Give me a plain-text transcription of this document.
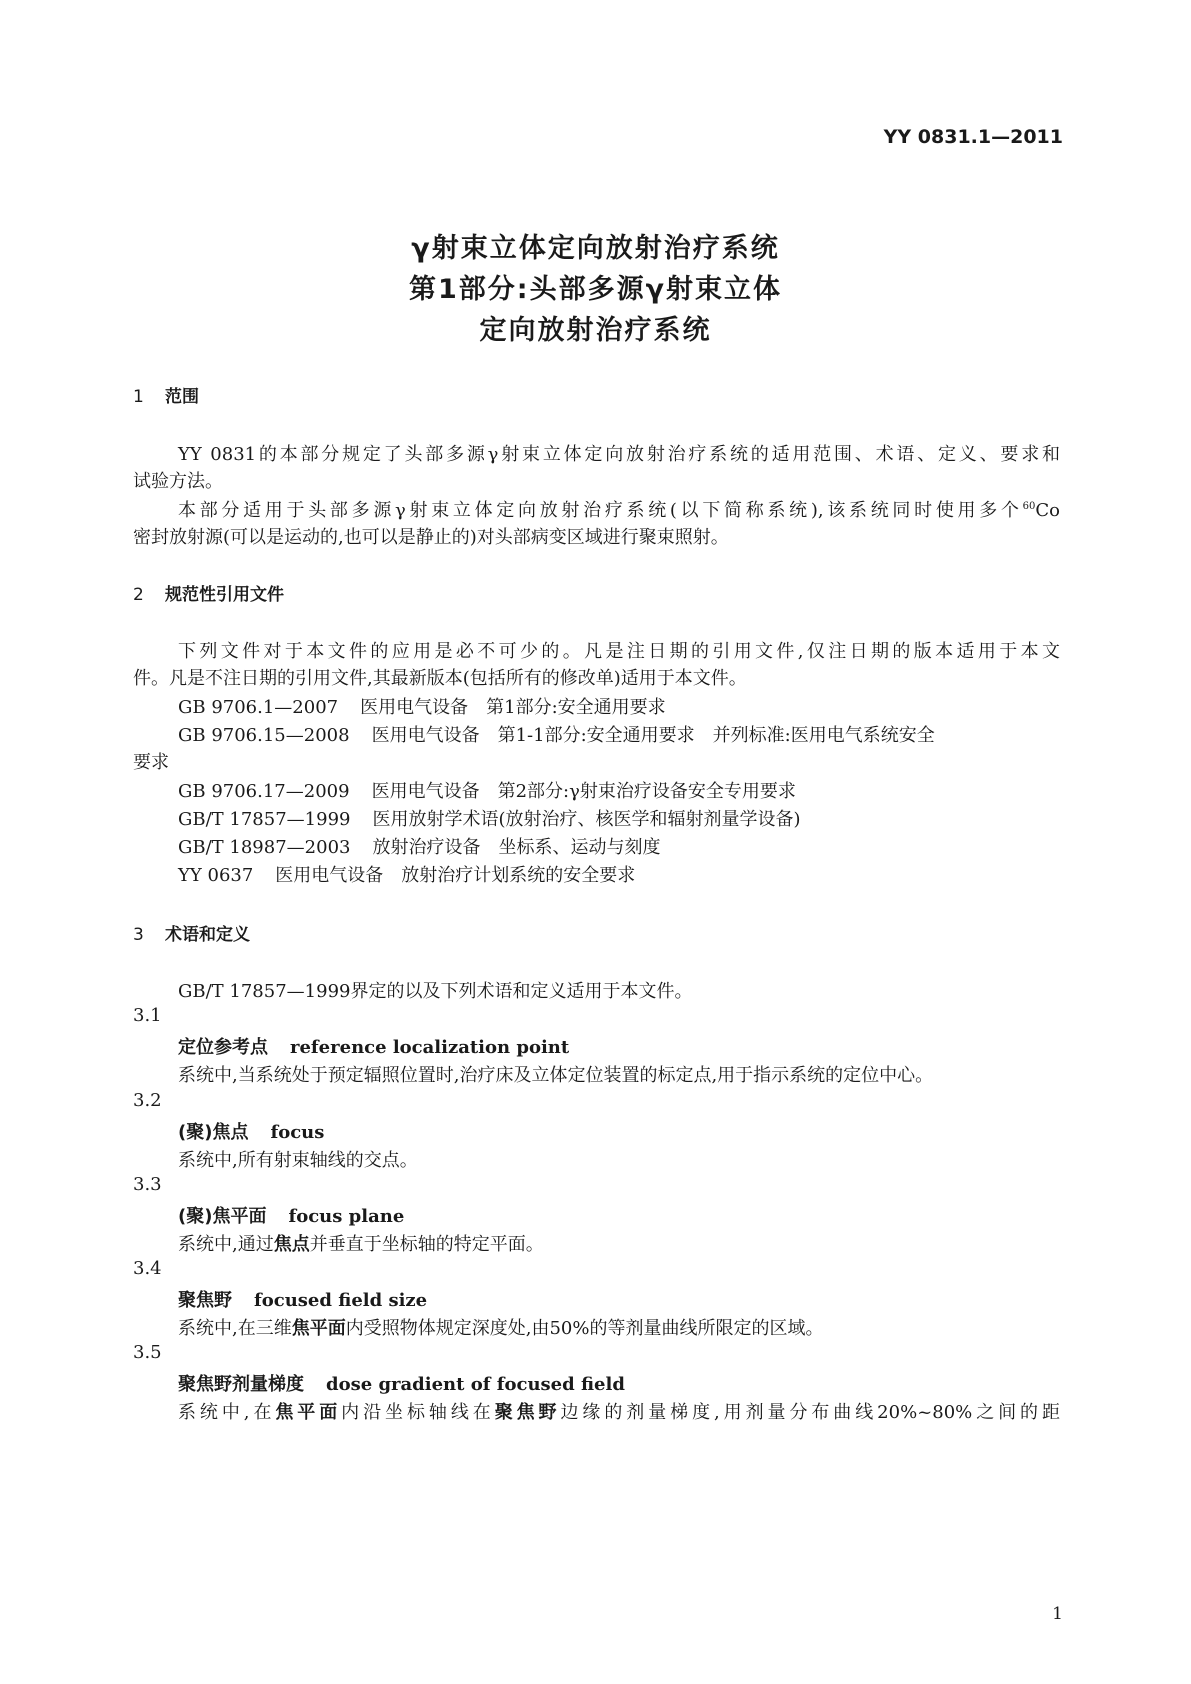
YY 0831.1—2011
γ射束立体定向放射治疗系统
第1部分:头部多源γ射束立体
定向放射治疗系统
1 范围
YY 0831的本部分规定了头部多源γ射束立体定向放射治疗系统的适用范围、术语、定义、要求和
试验方法。
本部分适用于头部多源γ射束立体定向放射治疗系统(以下简称系统),该系统同时使用多个$^{60}$Co
密封放射源(可以是运动的,也可以是静止的)对头部病变区域进行聚束照射。
2 规范性引用文件
下列文件对于本文件的应用是必不可少的。凡是注日期的引用文件,仅注日期的版本适用于本文
件。凡是不注日期的引用文件,其最新版本(包括所有的修改单)适用于本文件。
GB 9706.1—2007 医用电气设备　第1部分:安全通用要求
GB 9706.15—2008 医用电气设备　第1-1部分:安全通用要求　并列标准:医用电气系统安全
要求
GB 9706.17—2009 医用电气设备　第2部分:γ射束治疗设备安全专用要求
GB/T 17857—1999 医用放射学术语(放射治疗、核医学和辐射剂量学设备)
GB/T 18987—2003 放射治疗设备　坐标系、运动与刻度
YY 0637 医用电气设备　放射治疗计划系统的安全要求
3 术语和定义
GB/T 17857—1999界定的以及下列术语和定义适用于本文件。
3.1
定位参考点 reference localization point
系统中,当系统处于预定辐照位置时,治疗床及立体定位装置的标定点,用于指示系统的定位中心。
3.2
(聚)焦点 focus
系统中,所有射束轴线的交点。
3.3
(聚)焦平面 focus plane
系统中,通过焦点并垂直于坐标轴的特定平面。
3.4
聚焦野 focused field size
系统中,在三维焦平面内受照物体规定深度处,由50%的等剂量曲线所限定的区域。
3.5
聚焦野剂量梯度 dose gradient of focused field
系统中,在焦平面内沿坐标轴线在聚焦野边缘的剂量梯度,用剂量分布曲线20%~80%之间的距
1
